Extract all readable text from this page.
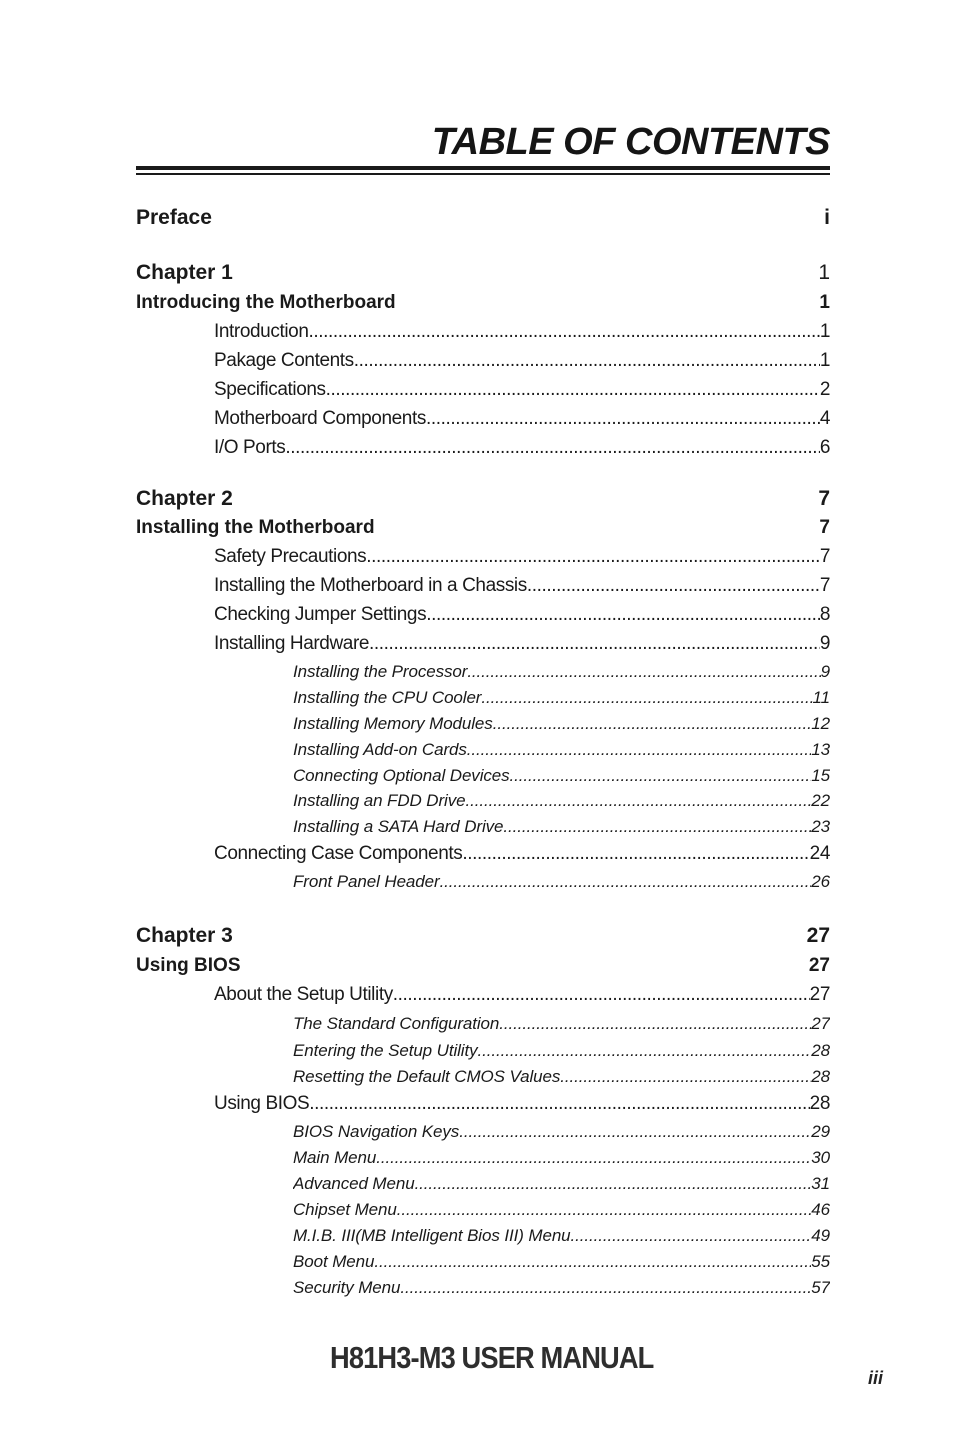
TABLE OF CONTENTS
Preface	i
Chapter 1	1
Introducing the Motherboard	1
Introduction .....	1
Pakage Contents .....	1
Specifications .....	2
Motherboard Components .....	4
I/O Ports .....	6
Chapter 2	7
Installing the Motherboard	7
Safety Precautions .....	7
Installing the Motherboard in a Chassis .....	7
Checking Jumper Settings .....	8
Installing Hardware .....	9
Installing the Processor .....	9
Installing the CPU Cooler .....	11
Installing Memory Modules .....	12
Installing Add-on Cards .....	13
Connecting Optional Devices .....	15
Installing an FDD Drive .....	22
Installing a SATA Hard Drive .....	23
Connecting Case Components .....	24
Front Panel Header .....	26
Chapter 3	27
Using BIOS	27
About the Setup Utility .....	27
The Standard Configuration .....	27
Entering the Setup Utility .....	28
Resetting the Default CMOS Values .....	28
Using BIOS .....	28
BIOS Navigation Keys .....	29
Main Menu .....	30
Advanced Menu .....	31
Chipset Menu .....	46
M.I.B. III(MB Intelligent Bios III) Menu .....	49
Boot Menu .....	55
Security Menu .....	57
H81H3-M3 USER MANUAL
iii
